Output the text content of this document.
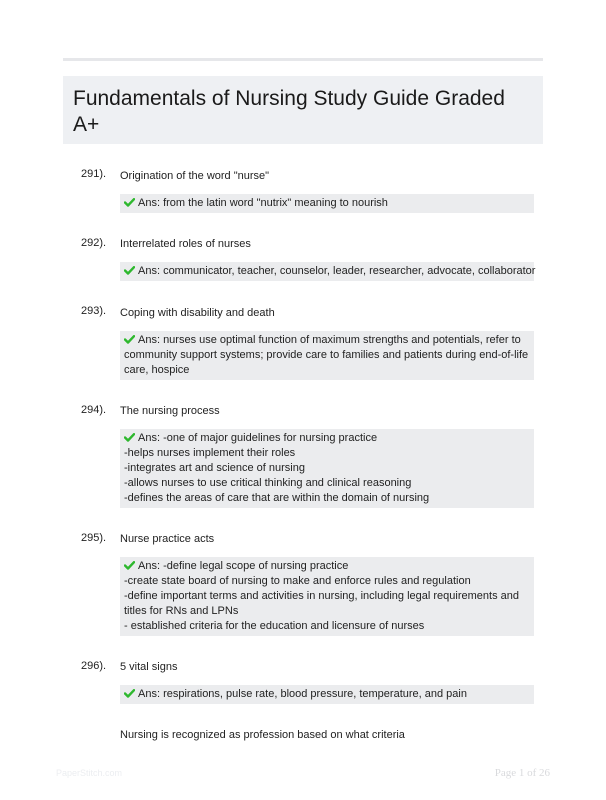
Fundamentals of Nursing Study Guide Graded A+
291). Origination of the word "nurse"
Ans: from the latin word "nutrix" meaning to nourish
292). Interrelated roles of nurses
Ans: communicator, teacher, counselor, leader, researcher, advocate, collaborator
293). Coping with disability and death
Ans: nurses use optimal function of maximum strengths and potentials, refer to
community support systems; provide care to families and patients during end-of-life
care, hospice
294). The nursing process
Ans: -one of major guidelines for nursing practice
-helps nurses implement their roles
-integrates art and science of nursing
-allows nurses to use critical thinking and clinical reasoning
-defines the areas of care that are within the domain of nursing
295). Nurse practice acts
Ans: -define legal scope of nursing practice
-create state board of nursing to make and enforce rules and regulation
-define important terms and activities in nursing, including legal requirements and
titles for RNs and LPNs
- established criteria for the education and licensure of nurses
296). 5 vital signs
Ans: respirations, pulse rate, blood pressure, temperature, and pain
Nursing is recognized as profession based on what criteria
PaperStitch.com	Page 1 of 26
